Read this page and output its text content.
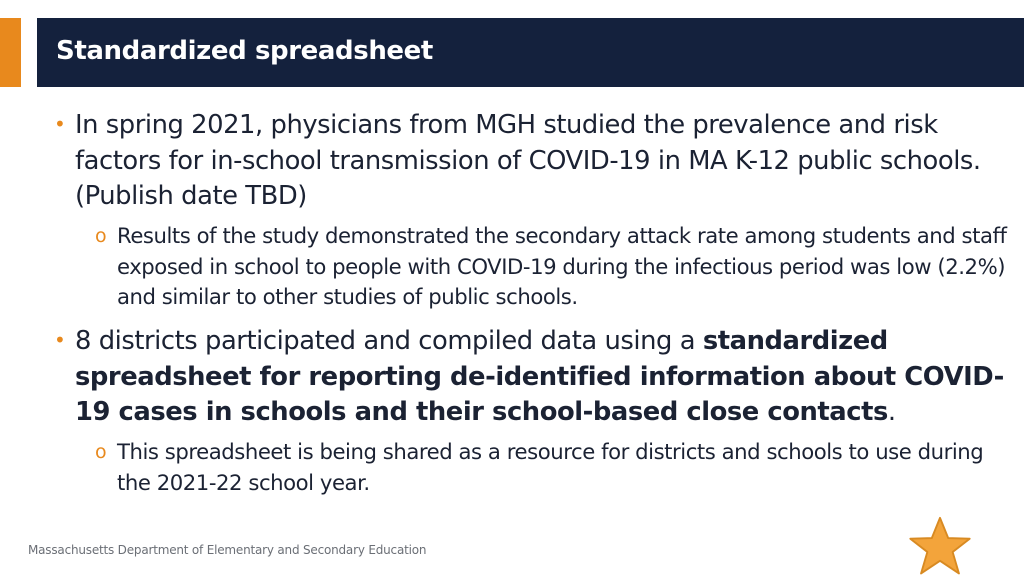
Standardized spreadsheet
• In spring 2021, physicians from MGH studied the prevalence and risk factors for in-school transmission of COVID-19 in MA K-12 public schools. (Publish date TBD)
o Results of the study demonstrated the secondary attack rate among students and staff exposed in school to people with COVID-19 during the infectious period was low (2.2%) and similar to other studies of public schools.
• 8 districts participated and compiled data using a standardized spreadsheet for reporting de-identified information about COVID-19 cases in schools and their school-based close contacts.
o This spreadsheet is being shared as a resource for districts and schools to use during the 2021-22 school year.
Massachusetts Department of Elementary and Secondary Education
